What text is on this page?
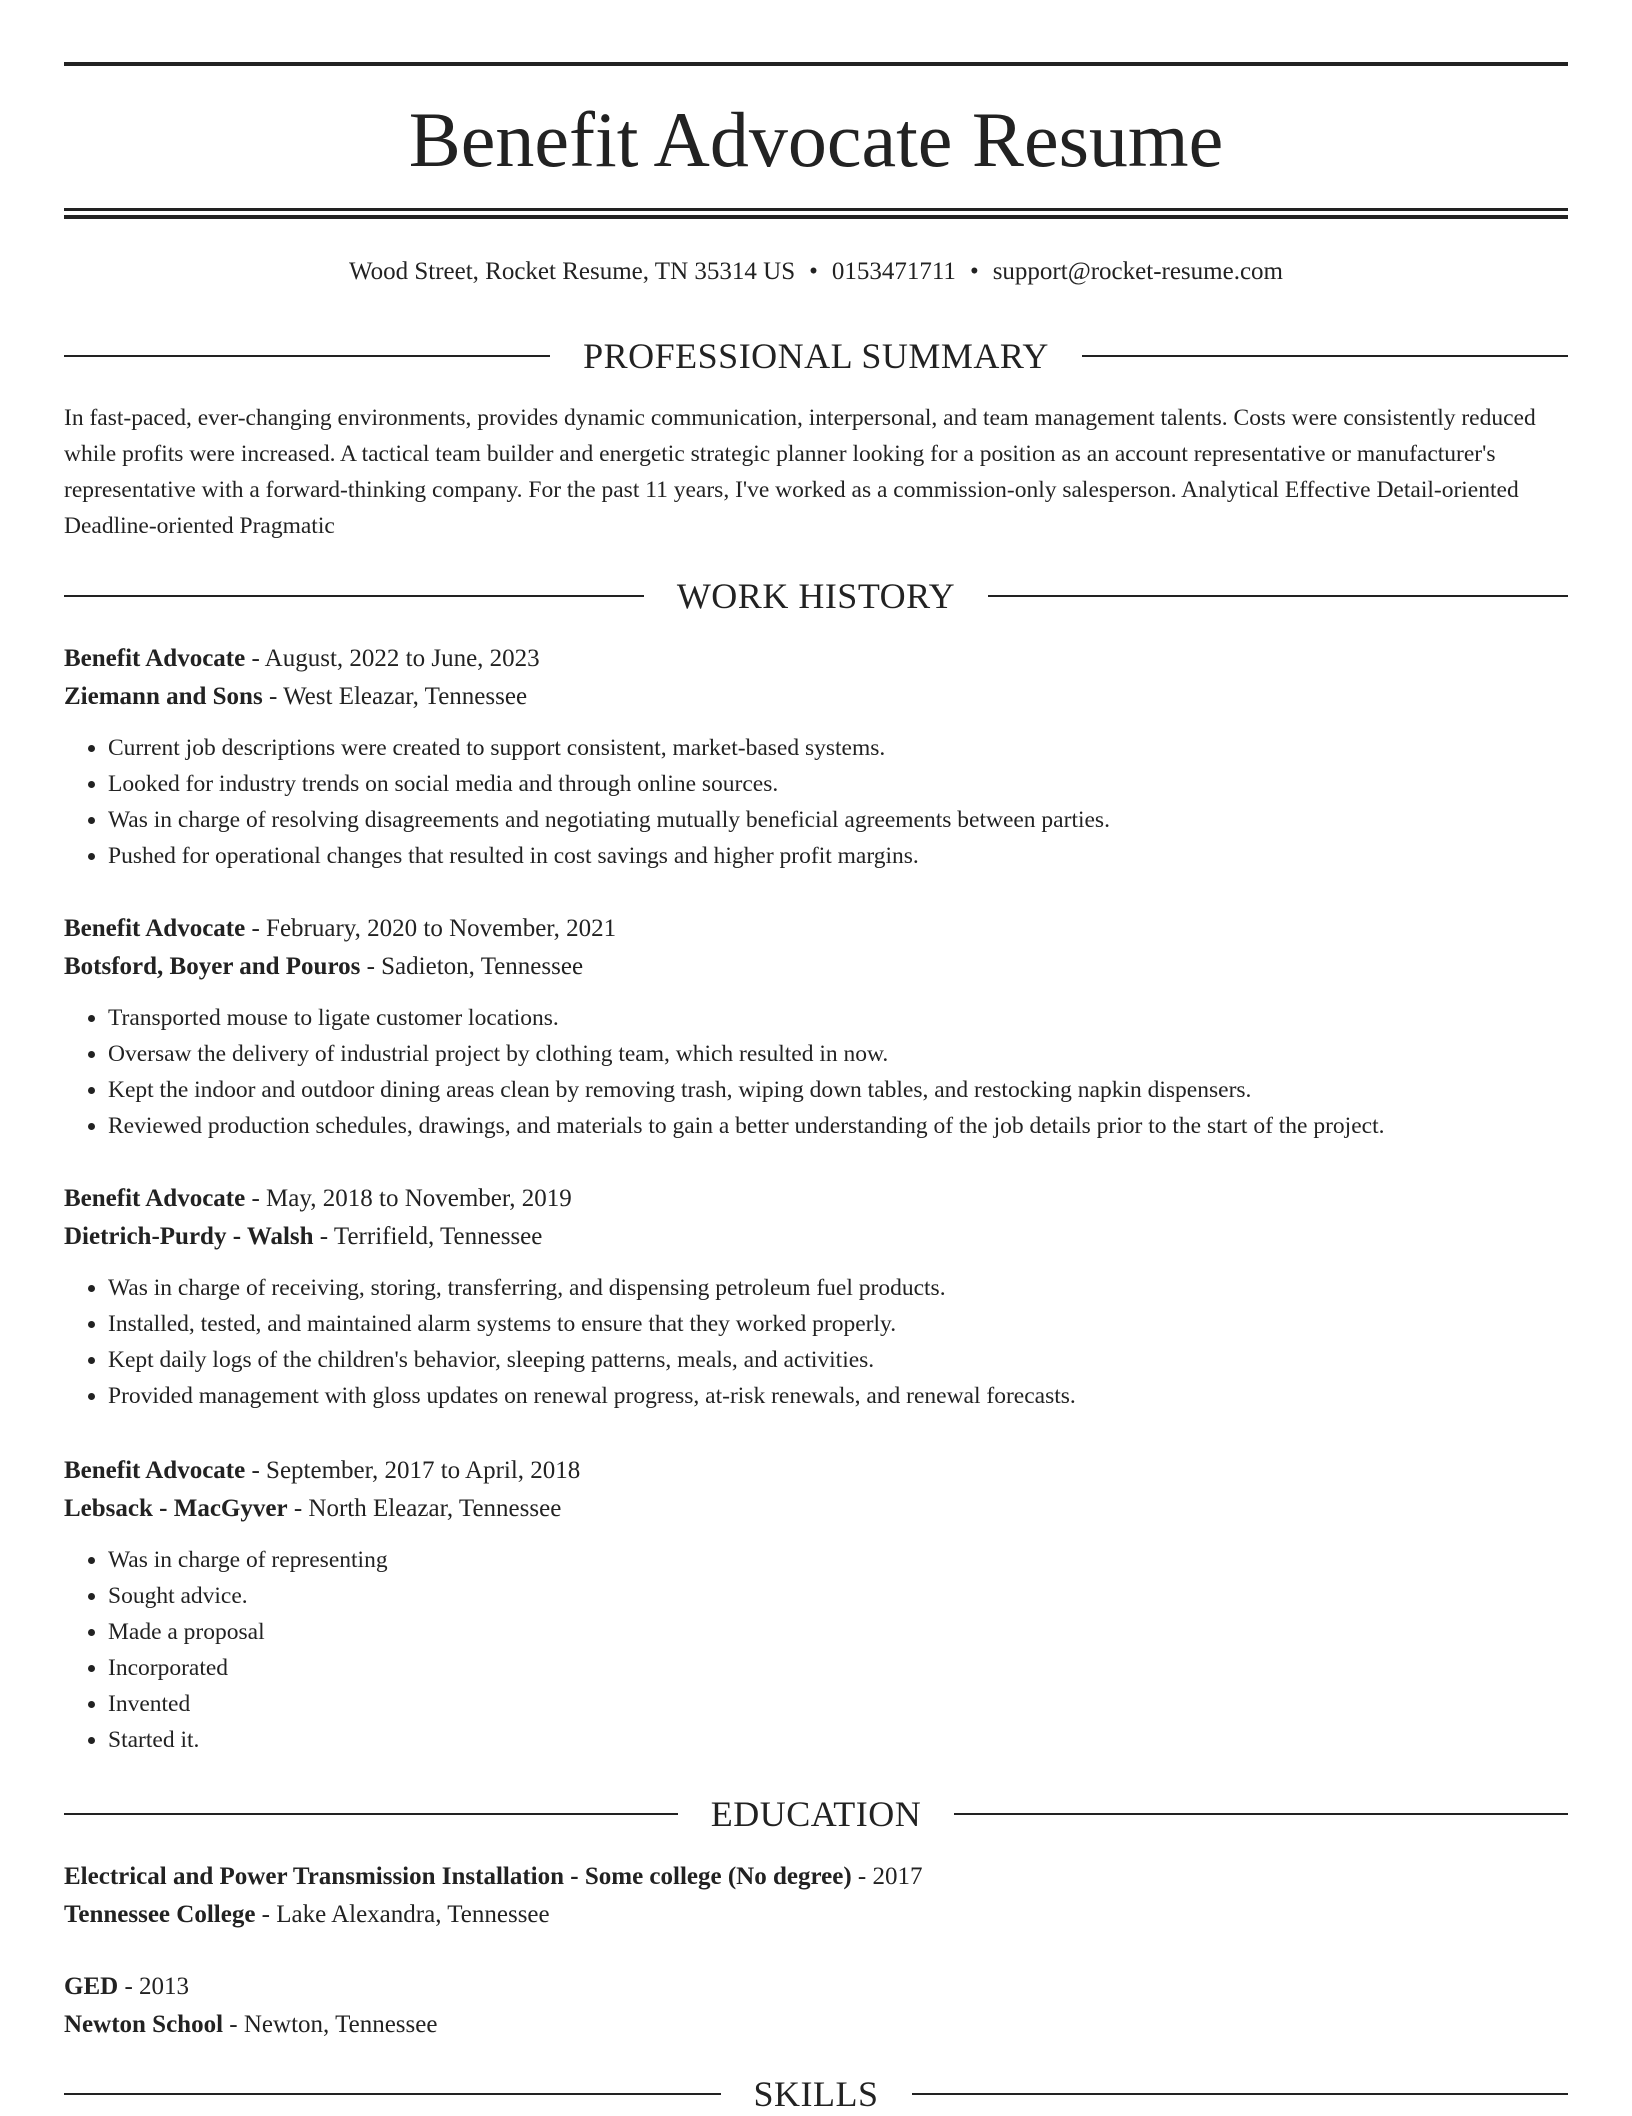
Benefit Advocate Resume
Wood Street, Rocket Resume, TN 35314 US • 0153471711 • support@rocket-resume.com
PROFESSIONAL SUMMARY

In fast-paced, ever-changing environments, provides dynamic communication, interpersonal, and team management talents. Costs were consistently reduced while profits were increased. A tactical team builder and energetic strategic planner looking for a position as an account representative or manufacturer's representative with a forward-thinking company. For the past 11 years, I've worked as a commission-only salesperson. Analytical Effective Detail-oriented Deadline-oriented Pragmatic

WORK HISTORY
Benefit Advocate - August, 2022 to June, 2023
Ziemann and Sons - West Eleazar, Tennessee
• Current job descriptions were created to support consistent, market-based systems.
• Looked for industry trends on social media and through online sources.
• Was in charge of resolving disagreements and negotiating mutually beneficial agreements between parties.
• Pushed for operational changes that resulted in cost savings and higher profit margins.
Benefit Advocate - February, 2020 to November, 2021
Botsford, Boyer and Pouros - Sadieton, Tennessee
• Transported mouse to ligate customer locations.
• Oversaw the delivery of industrial project by clothing team, which resulted in now.
• Kept the indoor and outdoor dining areas clean by removing trash, wiping down tables, and restocking napkin dispensers.
• Reviewed production schedules, drawings, and materials to gain a better understanding of the job details prior to the start of the project.
Benefit Advocate - May, 2018 to November, 2019
Dietrich-Purdy - Walsh - Terrifield, Tennessee
• Was in charge of receiving, storing, transferring, and dispensing petroleum fuel products.
• Installed, tested, and maintained alarm systems to ensure that they worked properly.
• Kept daily logs of the children's behavior, sleeping patterns, meals, and activities.
• Provided management with gloss updates on renewal progress, at-risk renewals, and renewal forecasts.
Benefit Advocate - September, 2017 to April, 2018
Lebsack - MacGyver - North Eleazar, Tennessee
• Was in charge of representing
• Sought advice.
• Made a proposal
• Incorporated
• Invented
• Started it.
EDUCATION
Electrical and Power Transmission Installation - Some college (No degree) - 2017
Tennessee College - Lake Alexandra, Tennessee
GED - 2013
Newton School - Newton, Tennessee
SKILLS
